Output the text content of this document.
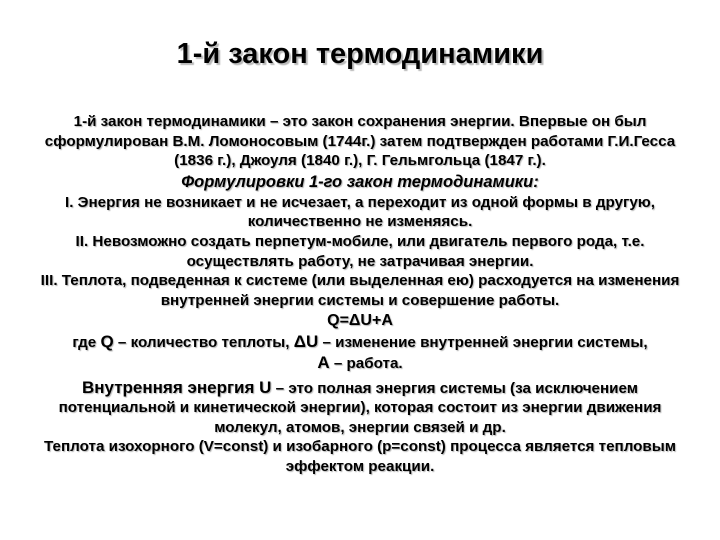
1-й закон термодинамики

1-й закон термодинамики – это закон сохранения энергии. Впервые он был сформулирован В.М. Ломоносовым (1744г.) затем подтвержден работами Г.И.Гесса (1836 г.), Джоуля (1840 г.), Г. Гельмгольца (1847 г.).

Формулировки 1-го закон термодинамики:

I. Энергия не возникает и не исчезает, а переходит из одной формы в другую, количественно не изменяясь.

II. Невозможно создать перпетум-мобиле, или двигатель первого рода, т.е. осуществлять работу, не затрачивая энергии.

III. Теплота, подведенная к системе (или выделенная ею) расходуется на изменения внутренней энергии системы и совершение работы.

Q=ΔU+A

где Q – количество теплоты, ΔU – изменение внутренней энергии системы,
А – работа.

Внутренняя энергия U – это полная энергия системы (за исключением потенциальной и кинетической энергии), которая состоит из энергии движения молекул, атомов, энергии связей и др.

Теплота изохорного (V=const) и изобарного (p=const) процесса является тепловым эффектом реакции.
